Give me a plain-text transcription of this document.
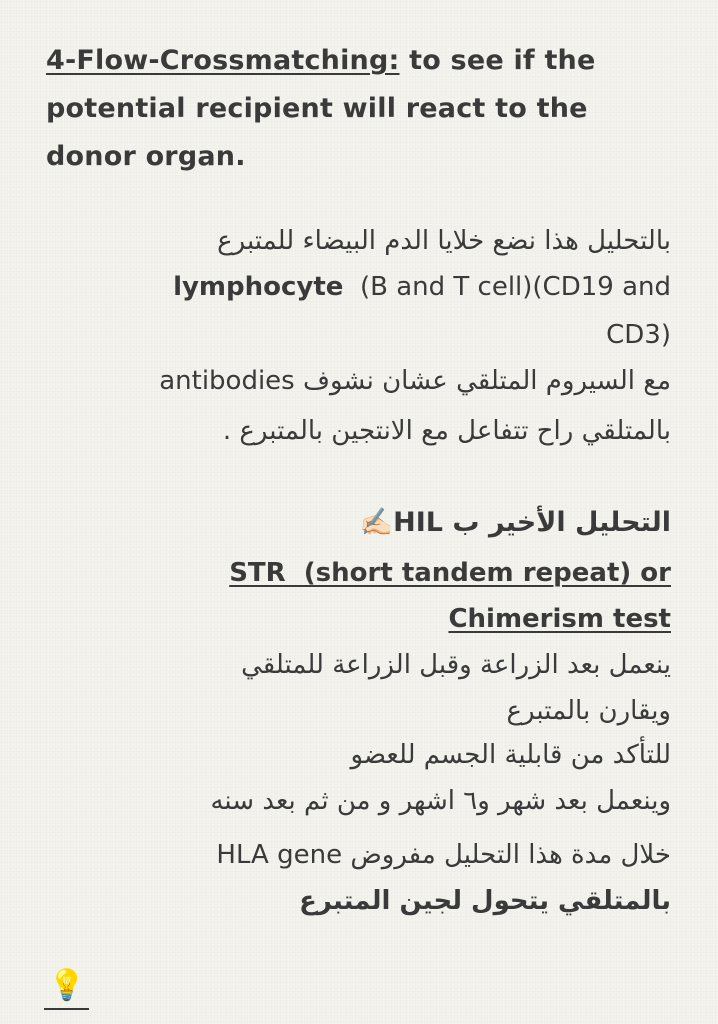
4-Flow-Crossmatching: to see if the
potential recipient will react to the
donor organ.
بالتحليل هذا نضع خلايا الدم البيضاء للمتبرع
lymphocyte  (B and T cell)(CD19 and
CD3)
مع السيروم المتلقي عشان نشوف antibodies
بالمتلقي راح تتفاعل مع الانتجين بالمتبرع .
التحليل الأخير ب HIL✍🏻
STR  (short tandem repeat) or
Chimerism test
ينعمل بعد الزراعة وقبل الزراعة للمتلقي
ويقارن بالمتبرع
للتأكد من قابلية الجسم للعضو
وينعمل بعد شهر و٦ اشهر و من ثم بعد سنه
خلال مدة هذا التحليل مفروض HLA gene
بالمتلقي يتحول لجين المتبرع
💡
